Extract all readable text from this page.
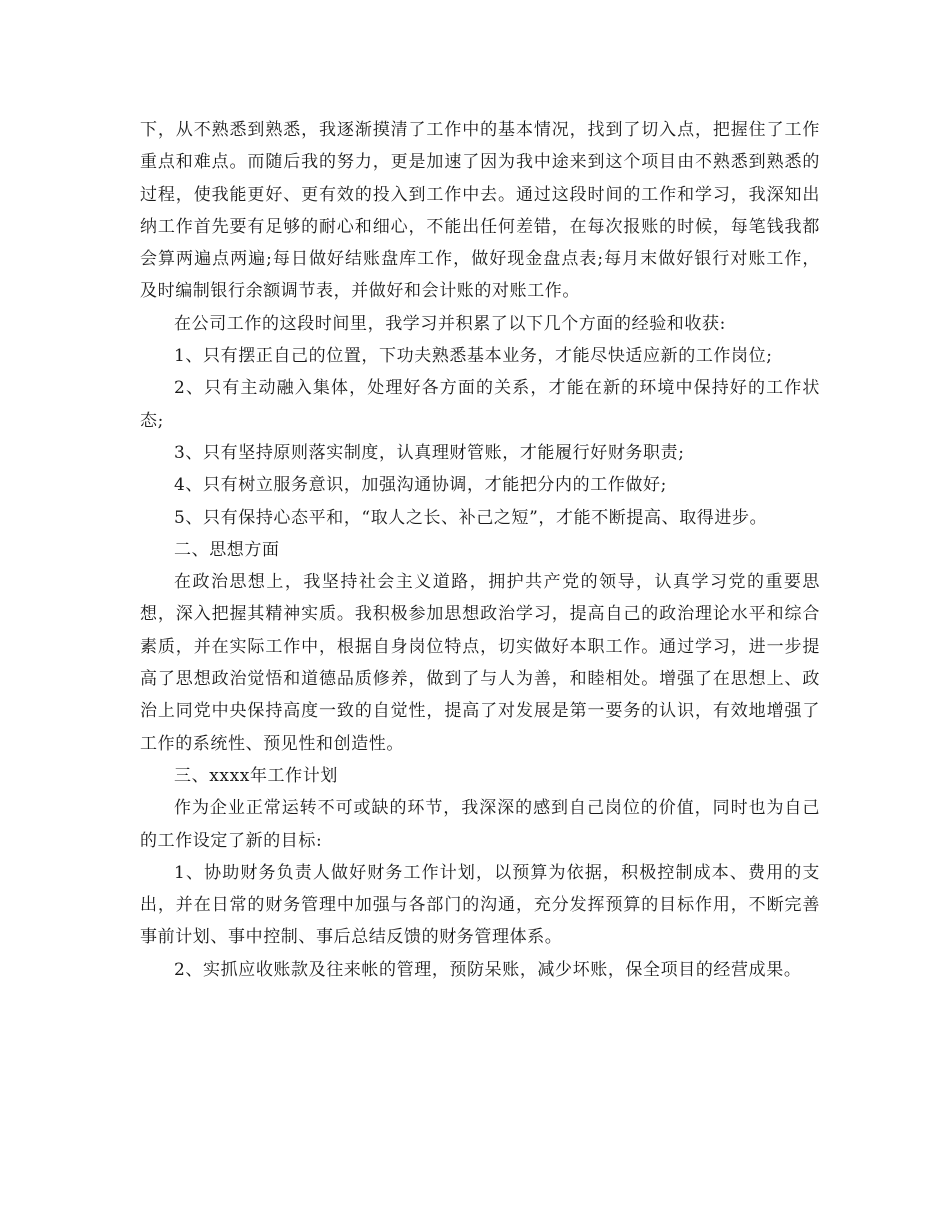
下，从不熟悉到熟悉，我逐渐摸清了工作中的基本情况，找到了切入点，把握住了工作重点和难点。而随后我的努力，更是加速了因为我中途来到这个项目由不熟悉到熟悉的过程，使我能更好、更有效的投入到工作中去。通过这段时间的工作和学习，我深知出纳工作首先要有足够的耐心和细心，不能出任何差错，在每次报账的时候，每笔钱我都会算两遍点两遍;每日做好结账盘库工作，做好现金盘点表;每月末做好银行对账工作，及时编制银行余额调节表，并做好和会计账的对账工作。

在公司工作的这段时间里，我学习并积累了以下几个方面的经验和收获:

1、只有摆正自己的位置，下功夫熟悉基本业务，才能尽快适应新的工作岗位;

2、只有主动融入集体，处理好各方面的关系，才能在新的环境中保持好的工作状态;

3、只有坚持原则落实制度，认真理财管账，才能履行好财务职责;

4、只有树立服务意识，加强沟通协调，才能把分内的工作做好;

5、只有保持心态平和，“取人之长、补己之短”，才能不断提高、取得进步。

二、思想方面

在政治思想上，我坚持社会主义道路，拥护共产党的领导，认真学习党的重要思想，深入把握其精神实质。我积极参加思想政治学习，提高自己的政治理论水平和综合素质，并在实际工作中，根据自身岗位特点，切实做好本职工作。通过学习，进一步提高了思想政治觉悟和道德品质修养，做到了与人为善，和睦相处。增强了在思想上、政治上同党中央保持高度一致的自觉性，提高了对发展是第一要务的认识，有效地增强了工作的系统性、预见性和创造性。

三、xxxx年工作计划

作为企业正常运转不可或缺的环节，我深深的感到自己岗位的价值，同时也为自己的工作设定了新的目标:

1、协助财务负责人做好财务工作计划，以预算为依据，积极控制成本、费用的支出，并在日常的财务管理中加强与各部门的沟通，充分发挥预算的目标作用，不断完善事前计划、事中控制、事后总结反馈的财务管理体系。

2、实抓应收账款及往来帐的管理，预防呆账，减少坏账，保全项目的经营成果。
